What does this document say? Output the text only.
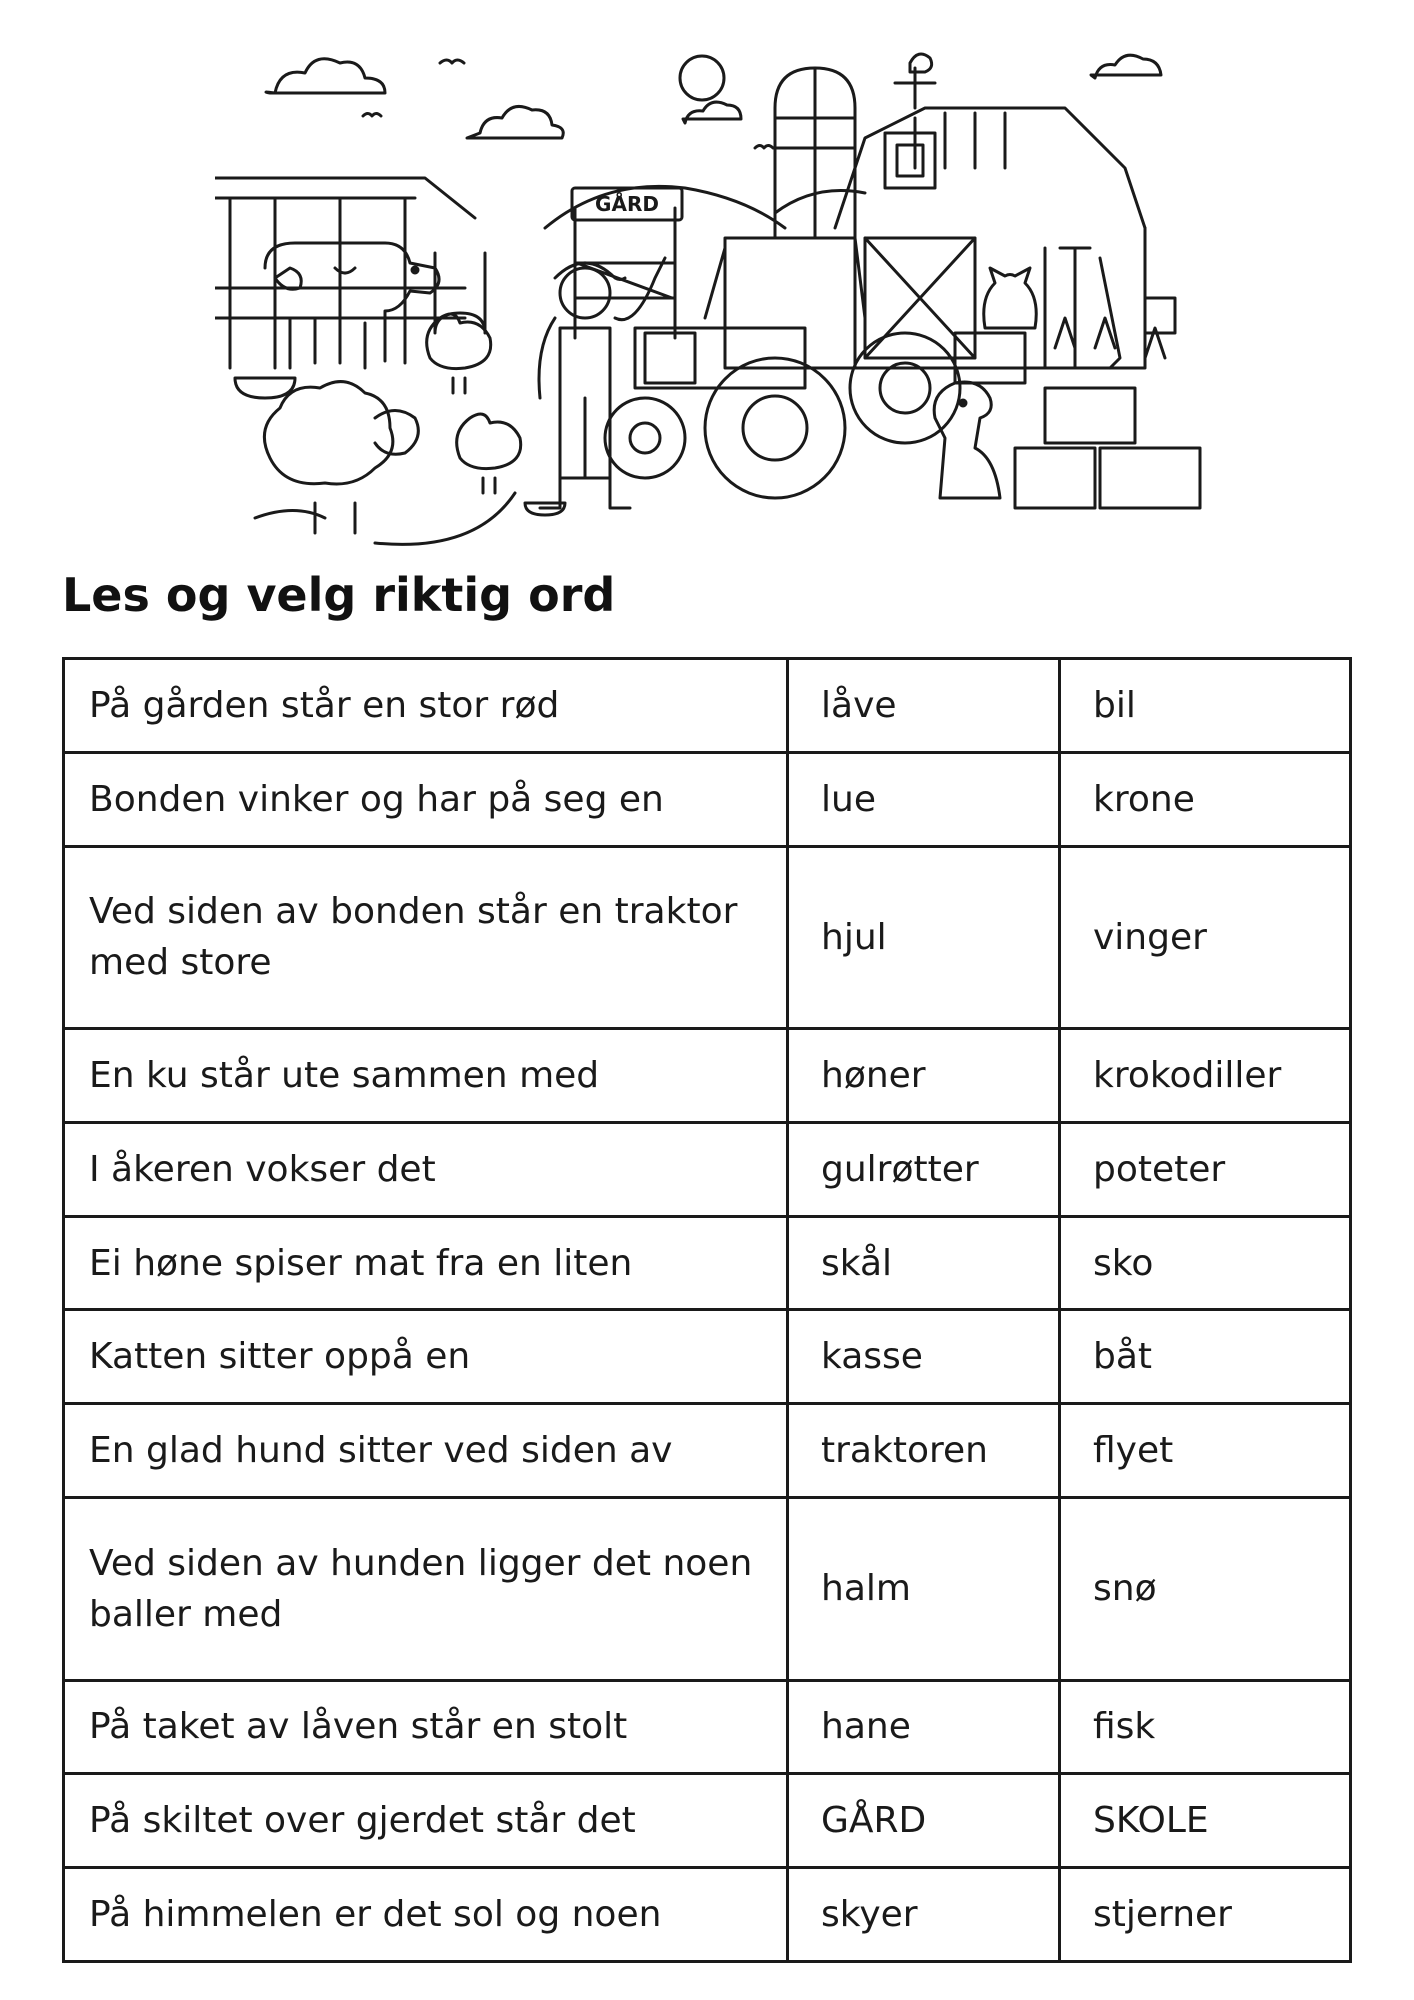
GÅRD
Les og velg riktig ord
På gården står en stor rød	låve	bil
Bonden vinker og har på seg en	lue	krone
Ved siden av bonden står en traktor med store	hjul	vinger
En ku står ute sammen med	høner	krokodiller
I åkeren vokser det	gulrøtter	poteter
Ei høne spiser mat fra en liten	skål	sko
Katten sitter oppå en	kasse	båt
En glad hund sitter ved siden av	traktoren	flyet
Ved siden av hunden ligger det noen baller med	halm	snø
På taket av låven står en stolt	hane	fisk
På skiltet over gjerdet står det	GÅRD	SKOLE
På himmelen er det sol og noen	skyer	stjerner
